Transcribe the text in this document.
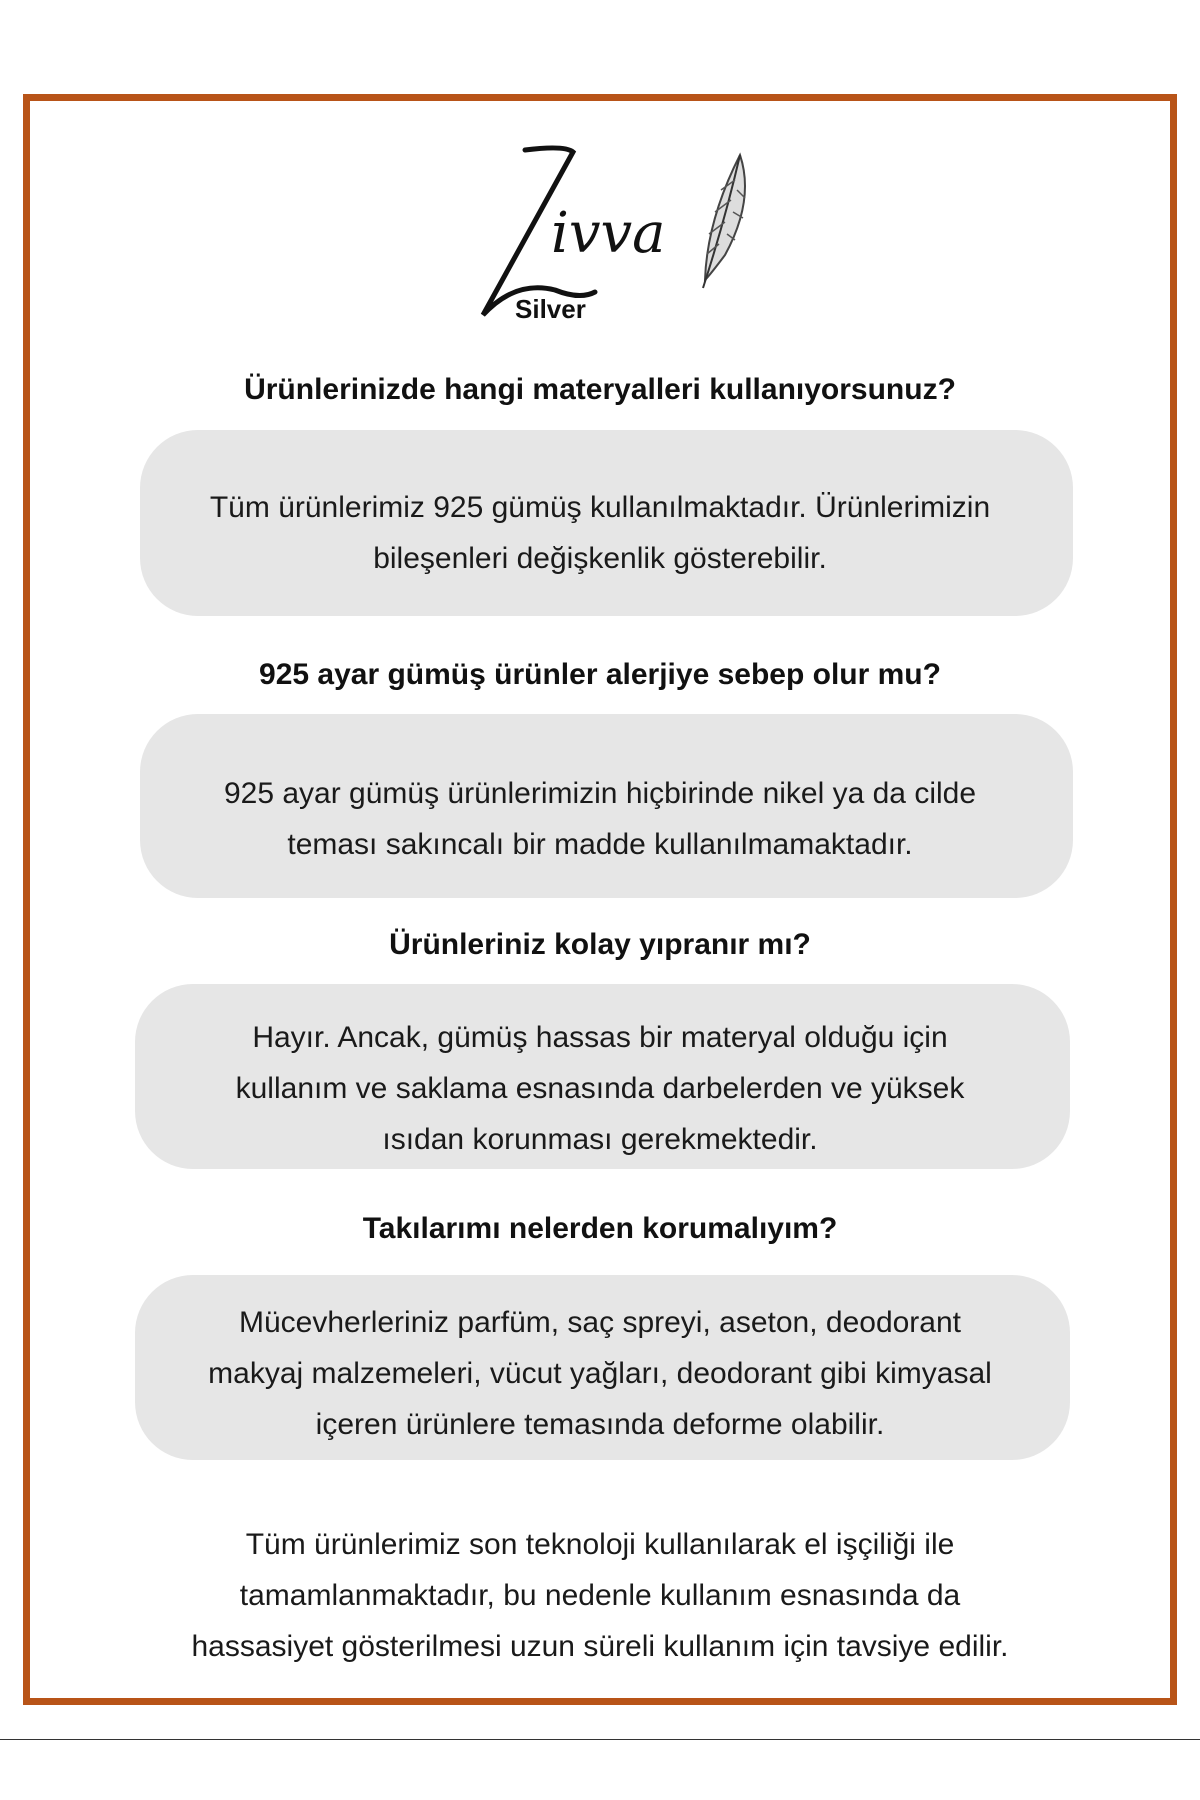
ivva
Silver
Ürünlerinizde hangi materyalleri kullanıyorsunuz?
Tüm ürünlerimiz 925 gümüş kullanılmaktadır. Ürünlerimizin
bileşenleri değişkenlik gösterebilir.
925 ayar gümüş ürünler alerjiye sebep olur mu?
925 ayar gümüş ürünlerimizin hiçbirinde nikel ya da cilde
teması sakıncalı bir madde kullanılmamaktadır.
Ürünleriniz kolay yıpranır mı?
Hayır. Ancak, gümüş hassas bir materyal olduğu için
kullanım ve saklama esnasında darbelerden ve yüksek
ısıdan korunması gerekmektedir.
Takılarımı nelerden korumalıyım?
Mücevherleriniz parfüm, saç spreyi, aseton, deodorant
makyaj malzemeleri, vücut yağları, deodorant gibi kimyasal
içeren ürünlere temasında deforme olabilir.
Tüm ürünlerimiz son teknoloji kullanılarak el işçiliği ile
tamamlanmaktadır, bu nedenle kullanım esnasında da
hassasiyet gösterilmesi uzun süreli kullanım için tavsiye edilir.
